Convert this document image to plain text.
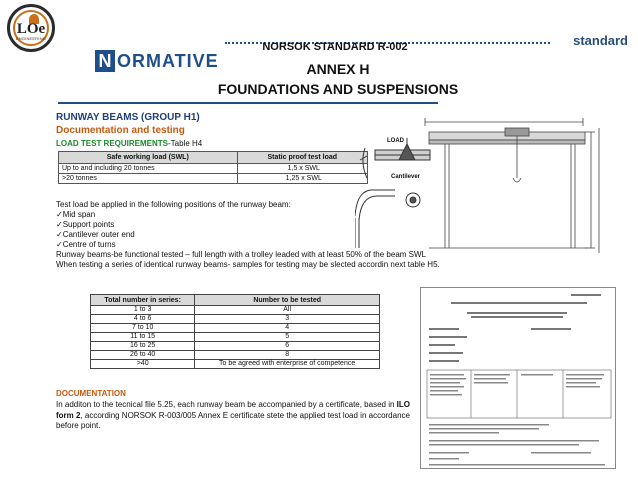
LOe
ENGINEERING
N ORMATIVE
standard
NORSOK STANDARD R-002
ANNEX H
FOUNDATIONS AND SUSPENSIONS
RUNWAY BEAMS (GROUP H1)
Documentation and testing
LOAD TEST REQUIREMENTS-Table H4
Safe working load (SWL)	Static proof test load
Up to and including 20 tonnes	1,5 x SWL
>20 tonnes	1,25 x SWL
Test load be applied in the following positions of the runway beam:
✓Mid span
✓Support points
✓Cantilever outer end
✓Centre of turns
Runway beams-be functional tested – full length with a trolley leaded with at least 50% of the beam SWL
When testing a series of identical runway beams- samples for testing may be slected accordin next table H5.
Total number in series:	Number to be tested
1 to 3	All
4 to 6	3
7 to 10	4
11 to 15	5
16 to 25	6
26 to 40	8
>40	To be agreed with enterprise of competence
DOCUMENTATION
In additon to the tecnical file 5.25, each runway beam be accompanied by a certificate, based in ILO form 2, according NORSOK R-003/005 Annex E certificate stete the applied test load in accordance before point.
LOAD
Cantilever
